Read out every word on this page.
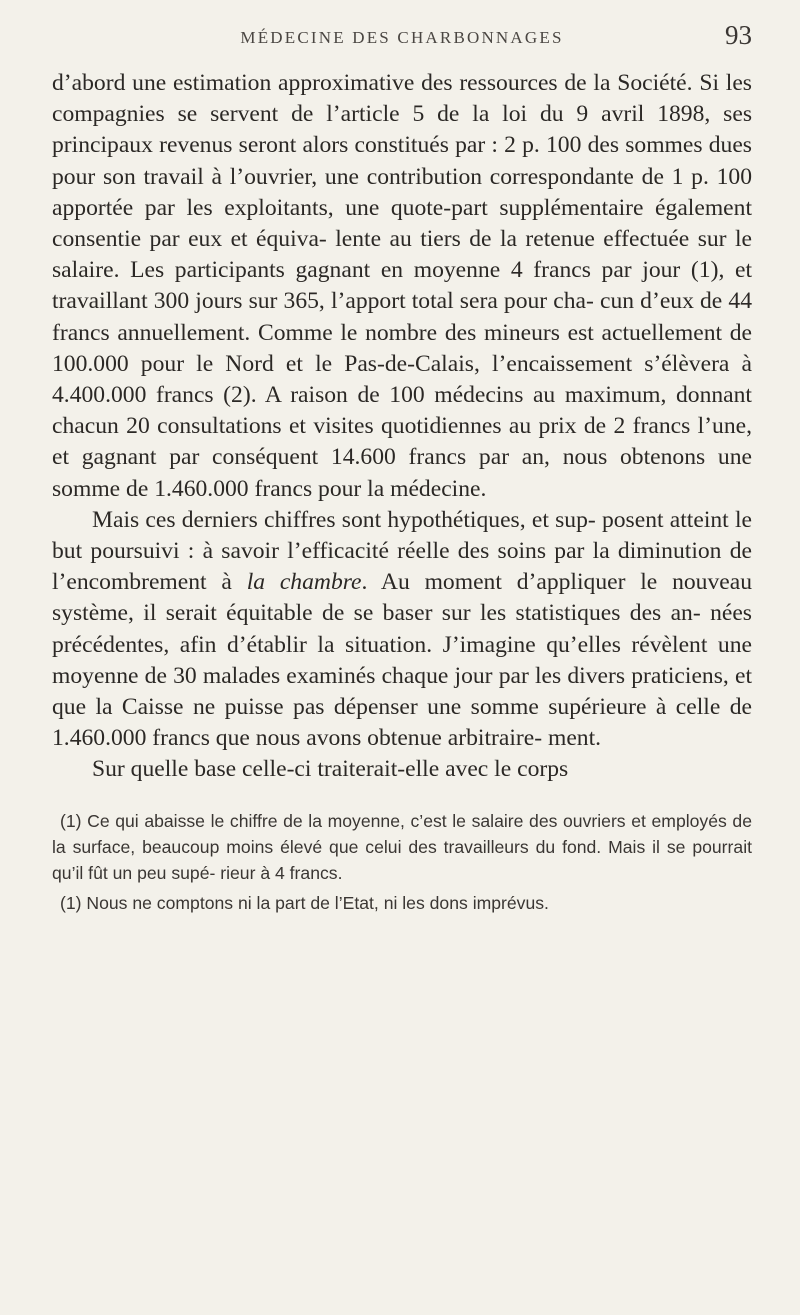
MÉDECINE DES CHARBONNAGES	93

d’abord une estimation approximative des ressources de la Société. Si les compagnies se servent de l’article 5 de la loi du 9 avril 1898, ses principaux revenus seront alors constitués par : 2 p. 100 des sommes dues pour son travail à l’ouvrier, une contribution correspondante de 1 p. 100 apportée par les exploitants, une quote-part supplémentaire également consentie par eux et équiva- lente au tiers de la retenue effectuée sur le salaire. Les participants gagnant en moyenne 4 francs par jour (1), et travaillant 300 jours sur 365, l’apport total sera pour cha- cun d’eux de 44 francs annuellement. Comme le nombre des mineurs est actuellement de 100.000 pour le Nord et le Pas-de-Calais, l’encaissement s’élèvera à 4.400.000 francs (2). A raison de 100 médecins au maximum, donnant chacun 20 consultations et visites quotidiennes au prix de 2 francs l’une, et gagnant par conséquent 14.600 francs par an, nous obtenons une somme de 1.460.000 francs pour la médecine.

Mais ces derniers chiffres sont hypothétiques, et sup- posent atteint le but poursuivi : à savoir l’efficacité réelle des soins par la diminution de l’encombrement à la chambre. Au moment d’appliquer le nouveau système, il serait équitable de se baser sur les statistiques des an- nées précédentes, afin d’établir la situation. J’imagine qu’elles révèlent une moyenne de 30 malades examinés chaque jour par les divers praticiens, et que la Caisse ne puisse pas dépenser une somme supérieure à celle de 1.460.000 francs que nous avons obtenue arbitraire- ment.

Sur quelle base celle-ci traiterait-elle avec le corps

(1) Ce qui abaisse le chiffre de la moyenne, c’est le salaire des ouvriers et employés de la surface, beaucoup moins élevé que celui des travailleurs du fond. Mais il se pourrait qu’il fût un peu supé- rieur à 4 francs.

(1) Nous ne comptons ni la part de l’Etat, ni les dons imprévus.
